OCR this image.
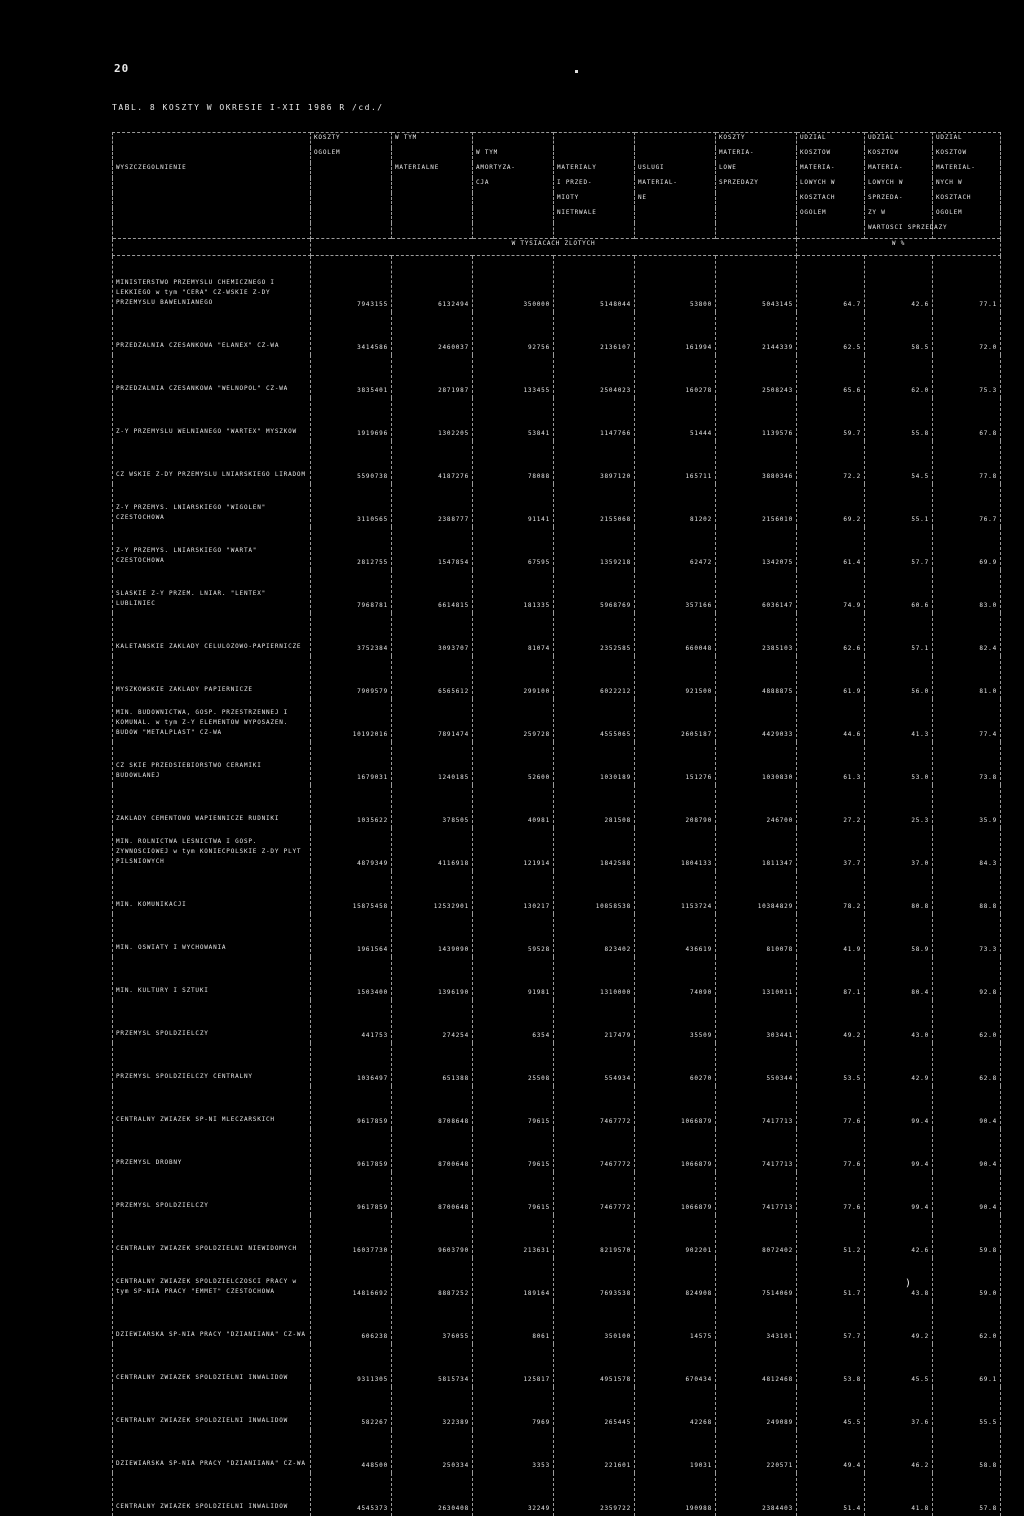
20
TABL. 8 KOSZTY W OKRESIE I-XII 1986 R /cd./
	KOSZTY	W TYM				KOSZTY	UDZIAL	UDZIAL	UDZIAL
	OGOLEM		W TYM			MATERIA-	KOSZTOW	KOSZTOW	KOSZTOW
WYSZCZEGOLNIENIE		MATERIALNE	AMORTYZA-	MATERIALY	USLUGI	LOWE	MATERIA-	MATERIA-	MATERIAL-
			CJA	I PRZED-	MATERIAL-	SPRZEDAZY	LOWYCH W	LOWYCH W	NYCH W
				MIOTY	NE		KOSZTACH	SPRZEDA-	KOSZTACH
				NIETRWALE			OGOLEM	ZY W	OGOLEM
								WARTOSCI SPRZEDAZY	
	W TYSIACACH ZLOTYCH						W %		
MINISTERSTWO PRZEMYSLU CHEMICZNEGO I LEKKIEGO w tym "CERA" CZ-WSKIE Z-DY PRZEMYSLU BAWELNIANEGO	7943155	6132494	350000	5148044	53800	5043145	64.7	42.6	77.1
PRZEDZALNIA CZESANKOWA "ELANEX" CZ-WA	3414586	2460037	92756	2136107	161994	2144339	62.5	58.5	72.0
PRZEDZALNIA CZESANKOWA "WELNOPOL" CZ-WA	3835401	2871987	133455	2504023	160278	2508243	65.6	62.0	75.3
Z-Y PRZEMYSLU WELNIANEGO "WARTEX" MYSZKOW	1919696	1302205	53841	1147766	51444	1139576	59.7	55.8	67.8
CZ WSKIE Z-DY PRZEMYSLU LNIARSKIEGO LIRADOM	5590738	4187276	78088	3897120	165711	3880346	72.2	54.5	77.8
Z-Y PRZEMYS. LNIARSKIEGO "WIGOLEN" CZESTOCHOWA	3110565	2388777	91141	2155068	81202	2156010	69.2	55.1	76.7
Z-Y PRZEMYS. LNIARSKIEGO "WARTA" CZESTOCHOWA	2812755	1547854	67595	1359218	62472	1342075	61.4	57.7	69.9
SLASKIE Z-Y PRZEM. LNIAR. "LENTEX" LUBLINIEC	7968781	6614815	181335	5968769	357166	6036147	74.9	60.6	83.0
KALETANSKIE ZAKLADY CELULOZOWO-PAPIERNICZE	3752384	3093707	81074	2352585	660048	2385103	62.6	57.1	82.4
MYSZKOWSKIE ZAKLADY PAPIERNICZE	7909579	6565612	299100	6022212	921500	4888875	61.9	56.0	81.0
MIN. BUDOWNICTWA, GOSP. PRZESTRZENNEJ I KOMUNAL. w tym Z-Y ELEMENTOW WYPOSAZEN. BUDOW "METALPLAST" CZ-WA	10192016	7891474	259728	4555065	2605187	4429033	44.6	41.3	77.4
CZ SKIE PRZEDSIEBIORSTWO CERAMIKI BUDOWLANEJ	1679031	1240185	52600	1030189	151276	1030830	61.3	53.0	73.8
ZAKLADY CEMENTOWO WAPIENNICZE RUDNIKI	1035622	378505	40981	281508	208790	246700	27.2	25.3	35.9
MIN. ROLNICTWA LESNICTWA I GOSP. ZYWNOSCIOWEJ w tym KONIECPOLSKIE Z-DY PLYT PILSNIOWYCH	4879349	4116918	121914	1842588	1804133	1811347	37.7	37.0	84.3
MIN. KOMUNIKACJI	15875458	12532901	130217	10858538	1153724	10384829	78.2	80.8	88.8
MIN. OSWIATY I WYCHOWANIA	1961564	1439090	59528	823402	436619	810078	41.9	58.9	73.3
MIN. KULTURY I SZTUKI	1503400	1396190	91981	1310000	74090	1310011	87.1	80.4	92.8
PRZEMYSL SPOLDZIELCZY	441753	274254	6354	217479	35509	303441	49.2	43.0	62.0
PRZEMYSL SPOLDZIELCZY CENTRALNY	1036497	651388	25508	554934	60270	550344	53.5	42.9	62.8
CENTRALNY ZWIAZEK SP-NI MLECZARSKICH	9617859	8708648	79615	7467772	1066879	7417713	77.6	99.4	90.4
PRZEMYSL DROBNY	9617859	8700648	79615	7467772	1066879	7417713	77.6	99.4	90.4
PRZEMYSL SPOLDZIELCZY	9617859	8700648	79615	7467772	1066879	7417713	77.6	99.4	90.4
CENTRALNY ZWIAZEK SPOLDZIELNI NIEWIDOMYCH	16037730	9603790	213631	8219570	902201	8072402	51.2	42.6	59.8
CENTRALNY ZWIAZEK SPOLDZIELCZOSCI PRACY w tym SP-NIA PRACY "EMMET" CZESTOCHOWA	14816692	8887252	189164	7693538	824908	7514069	51.7	43.8	59.0
DZIEWIARSKA SP-NIA PRACY "DZIANIIANA" CZ-WA	606238	376055	8061	350100	14575	343101	57.7	49.2	62.0
CENTRALNY ZWIAZEK SPOLDZIELNI INWALIDOW	9311305	5815734	125817	4951578	670434	4812468	53.8	45.5	69.1
CENTRALNY ZWIAZEK SPOLDZIELNI INWALIDOW	582267	322389	7969	265445	42268	249089	45.5	37.6	55.5
DZIEWIARSKA SP-NIA PRACY "DZIANIIANA" CZ-WA	448500	250334	3353	221601	19031	220571	49.4	46.2	58.8
CENTRALNY ZWIAZEK SPOLDZIELNI INWALIDOW	4545373	2630408	32249	2359722	190988	2384403	51.4	41.8	57.8
)
